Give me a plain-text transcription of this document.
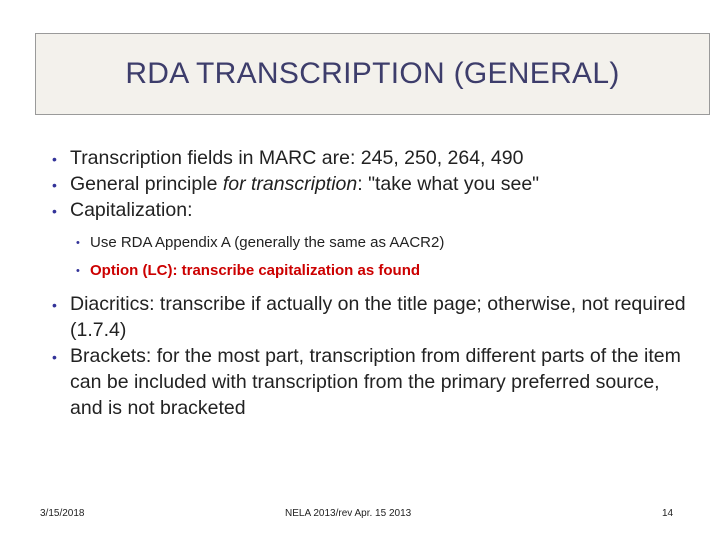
RDA TRANSCRIPTION (GENERAL)
• Transcription fields in MARC are: 245, 250, 264, 490
• General principle for transcription: "take what you see"
• Capitalization:
• Use RDA Appendix A (generally the same as AACR2)
• Option (LC): transcribe capitalization as found
• Diacritics: transcribe if actually on the title page; otherwise, not required (1.7.4)
• Brackets: for the most part, transcription from different parts of the item can be included with transcription from the primary preferred source, and is not bracketed
3/15/2018	NELA 2013/rev Apr. 15 2013	14
